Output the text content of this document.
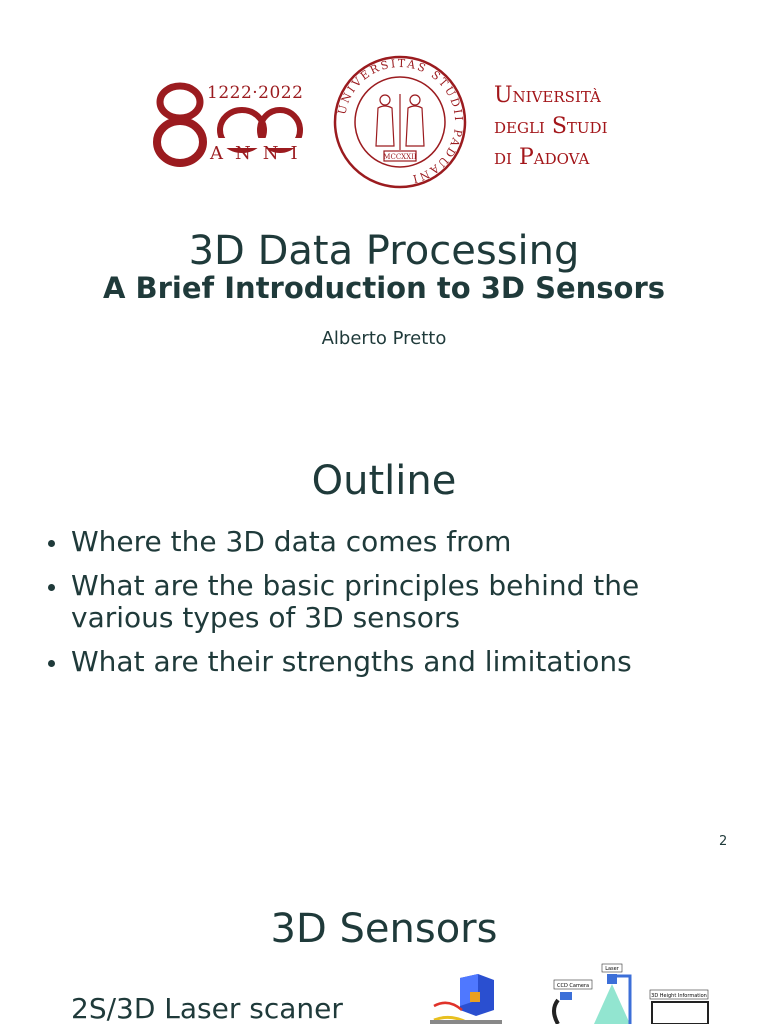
1222·2022
ANNI
UNIVERSITAS STUDII PADUANI
MCCXXII
Università
degli Studi
di Padova
3D Data Processing
A Brief Introduction to 3D Sensors
Alberto Pretto
Outline
Where the 3D data comes from
What are the basic principles behind the various types of 3D sensors
What are their strengths and limitations
2
3D Sensors
2S/3D Laser scaner
Laser
CCD Camera
3D Height Information
